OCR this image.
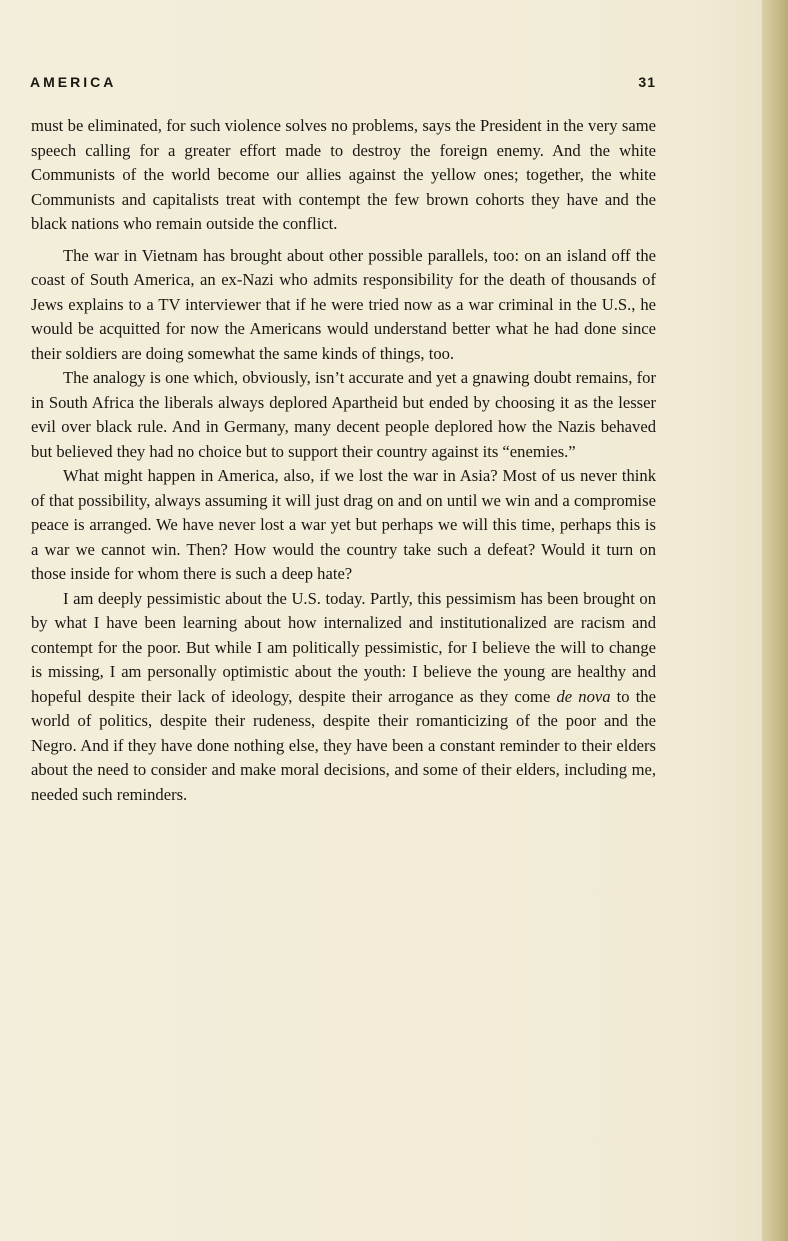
AMERICA	31

must be eliminated, for such violence solves no problems, says the President in the very same speech calling for a greater effort made to destroy the foreign enemy. And the white Communists of the world become our allies against the yellow ones; together, the white Communists and capitalists treat with contempt the few brown cohorts they have and the black nations who remain outside the conflict.

The war in Vietnam has brought about other possible parallels, too: on an island off the coast of South America, an ex-Nazi who admits responsibility for the death of thousands of Jews explains to a TV interviewer that if he were tried now as a war criminal in the U.S., he would be acquitted for now the Americans would understand better what he had done since their soldiers are doing somewhat the same kinds of things, too.

The analogy is one which, obviously, isn’t accurate and yet a gnawing doubt remains, for in South Africa the liberals always deplored Apartheid but ended by choosing it as the lesser evil over black rule. And in Germany, many decent people deplored how the Nazis behaved but believed they had no choice but to support their country against its “enemies.”

What might happen in America, also, if we lost the war in Asia? Most of us never think of that possibility, always assuming it will just drag on and on until we win and a compromise peace is arranged. We have never lost a war yet but perhaps we will this time, perhaps this is a war we cannot win. Then? How would the country take such a defeat? Would it turn on those inside for whom there is such a deep hate?

I am deeply pessimistic about the U.S. today. Partly, this pessimism has been brought on by what I have been learning about how internalized and institutionalized are racism and contempt for the poor. But while I am politically pessimistic, for I believe the will to change is missing, I am personally optimistic about the youth: I believe the young are healthy and hopeful despite their lack of ideology, despite their arrogance as they come de nova to the world of politics, despite their rudeness, despite their romanticizing of the poor and the Negro. And if they have done nothing else, they have been a constant reminder to their elders about the need to consider and make moral decisions, and some of their elders, including me, needed such reminders.
